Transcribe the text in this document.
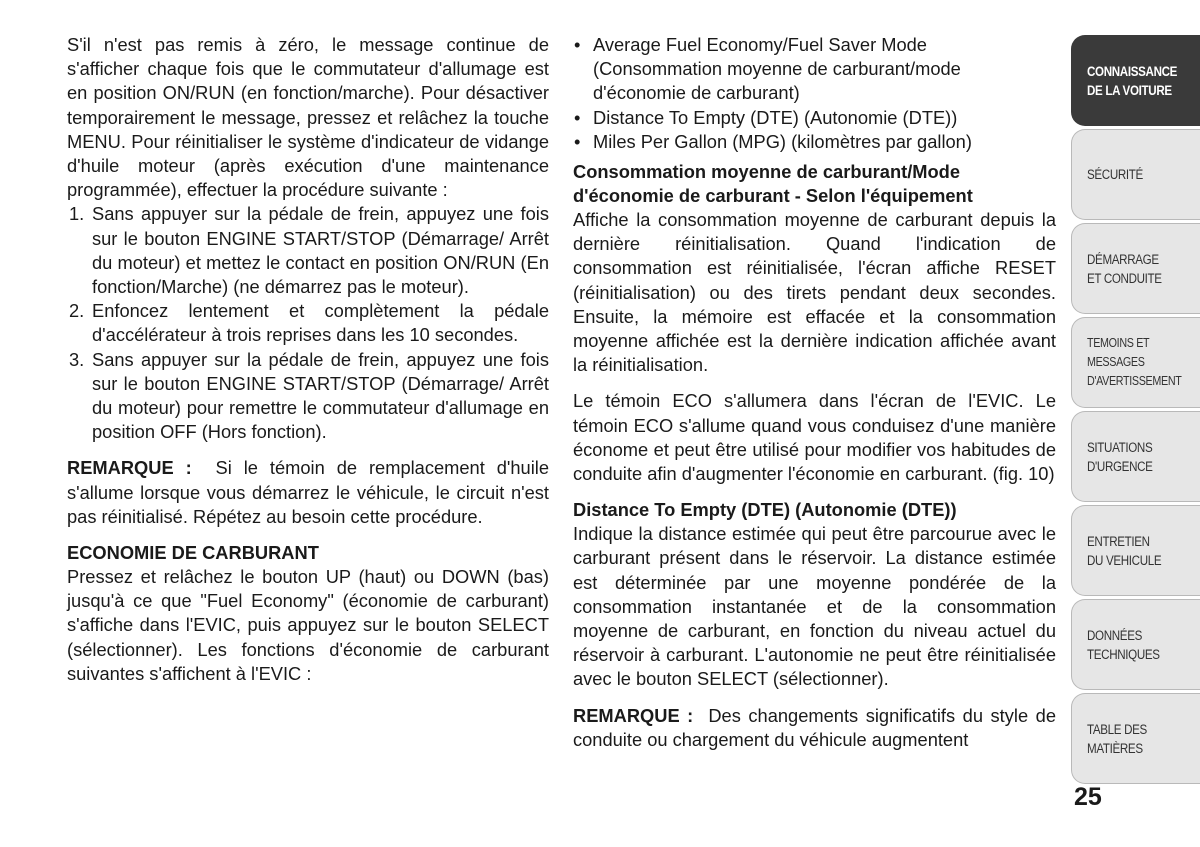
S'il n'est pas remis à zéro, le message continue de s'afficher chaque fois que le commutateur d'allumage est en position ON/RUN (en fonction/marche). Pour désactiver temporairement le message, pressez et relâchez la touche MENU. Pour réinitialiser le système d'indicateur de vidange d'huile moteur (après exécution d'une maintenance programmée), effectuer la procédure suivante :

1. Sans appuyer sur la pédale de frein, appuyez une fois sur le bouton ENGINE START/STOP (Démarrage/ Arrêt du moteur) et mettez le contact en position ON/RUN (En fonction/Marche) (ne démarrez pas le moteur).
2. Enfoncez lentement et complètement la pédale d'accélérateur à trois reprises dans les 10 secondes.
3. Sans appuyer sur la pédale de frein, appuyez une fois sur le bouton ENGINE START/STOP (Démarrage/ Arrêt du moteur) pour remettre le commutateur d'allumage en position OFF (Hors fonction).

REMARQUE : Si le témoin de remplacement d'huile s'allume lorsque vous démarrez le véhicule, le circuit n'est pas réinitialisé. Répétez au besoin cette procédure.

ECONOMIE DE CARBURANT

Pressez et relâchez le bouton UP (haut) ou DOWN (bas) jusqu'à ce que "Fuel Economy" (économie de carburant) s'affiche dans l'EVIC, puis appuyez sur le bouton SELECT (sélectionner). Les fonctions d'économie de carburant suivantes s'affichent à l'EVIC :

• Average Fuel Economy/Fuel Saver Mode (Consommation moyenne de carburant/mode d'économie de carburant)
• Distance To Empty (DTE) (Autonomie (DTE))
• Miles Per Gallon (MPG) (kilomètres par gallon)

Consommation moyenne de carburant/Mode d'économie de carburant - Selon l'équipement

Affiche la consommation moyenne de carburant depuis la dernière réinitialisation. Quand l'indication de consommation est réinitialisée, l'écran affiche RESET (réinitialisation) ou des tirets pendant deux secondes. Ensuite, la mémoire est effacée et la consommation moyenne affichée est la dernière indication affichée avant la réinitialisation.

Le témoin ECO s'allumera dans l'écran de l'EVIC. Le témoin ECO s'allume quand vous conduisez d'une manière économe et peut être utilisé pour modifier vos habitudes de conduite afin d'augmenter l'économie en carburant. (fig. 10)

Distance To Empty (DTE) (Autonomie (DTE))

Indique la distance estimée qui peut être parcourue avec le carburant présent dans le réservoir. La distance estimée est déterminée par une moyenne pondérée de la consommation instantanée et de la consommation moyenne de carburant, en fonction du niveau actuel du réservoir à carburant. L'autonomie ne peut être réinitialisée avec le bouton SELECT (sélectionner).

REMARQUE : Des changements significatifs du style de conduite ou chargement du véhicule augmentent

CONNAISSANCE
DE LA VOITURE
SÉCURITÉ
DÉMARRAGE
ET CONDUITE
TEMOINS ET
MESSAGES
D'AVERTISSEMENT
SITUATIONS
D'URGENCE
ENTRETIEN
DU VEHICULE
DONNÉES
TECHNIQUES
TABLE DES
MATIÈRES
25
